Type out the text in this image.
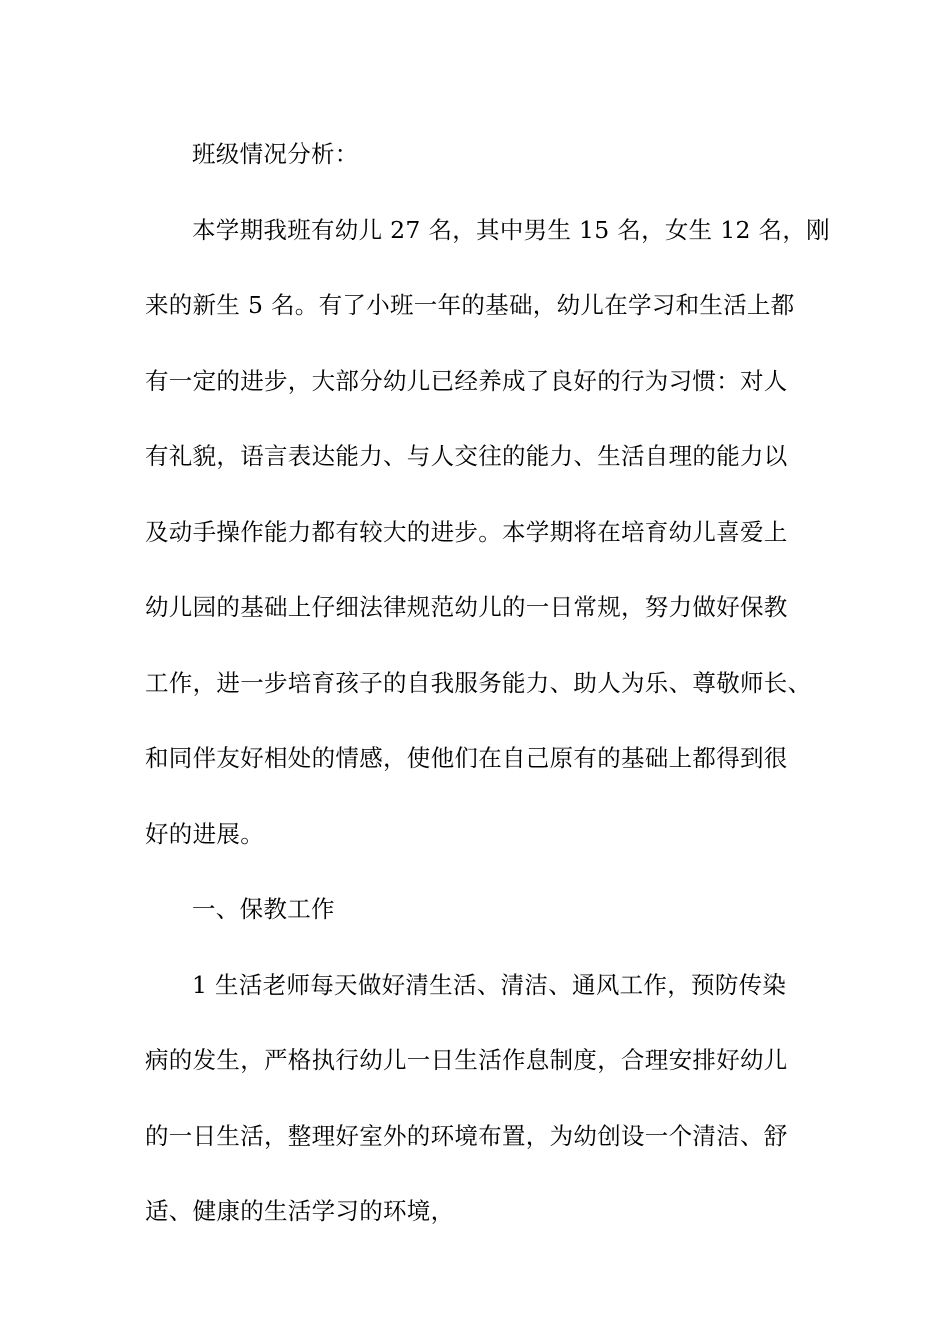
班级情况分析：
本学期我班有幼儿 27 名，其中男生 15 名，女生 12 名，刚
来的新生 5 名。有了小班一年的基础，幼儿在学习和生活上都
有一定的进步，大部分幼儿已经养成了良好的行为习惯：对人
有礼貌，语言表达能力、与人交往的能力、生活自理的能力以
及动手操作能力都有较大的进步。本学期将在培育幼儿喜爱上
幼儿园的基础上仔细法律规范幼儿的一日常规，努力做好保教
工作，进一步培育孩子的自我服务能力、助人为乐、尊敬师长、
和同伴友好相处的情感，使他们在自己原有的基础上都得到很
好的进展。
一、保教工作
1 生活老师每天做好清生活、清洁、通风工作，预防传染
病的发生，严格执行幼儿一日生活作息制度，合理安排好幼儿
的一日生活，整理好室外的环境布置，为幼创设一个清洁、舒
适、健康的生活学习的环境，
